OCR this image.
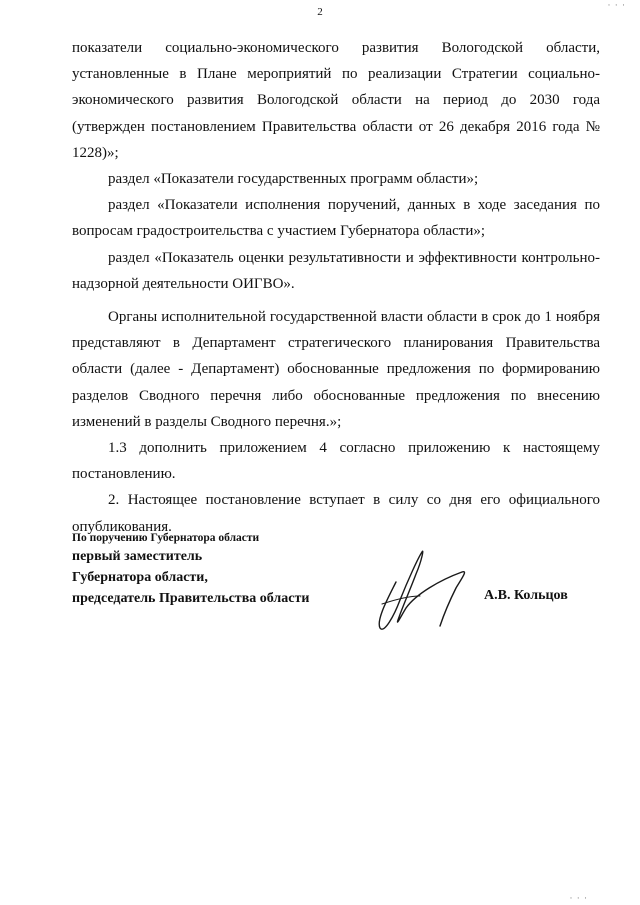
2
· · ·

показатели социально-экономического развития Вологодской области, установленные в Плане мероприятий по реализации Стратегии социально-экономического развития Вологодской области на период до 2030 года (утвержден постановлением Правительства области от 26 декабря 2016 года № 1228)»;

раздел «Показатели государственных программ области»;

раздел «Показатели исполнения поручений, данных в ходе заседания по вопросам градостроительства с участием Губернатора области»;

раздел «Показатель оценки результативности и эффективности контрольно-надзорной деятельности ОИГВО».

Органы исполнительной государственной власти области в срок до 1 ноября представляют в Департамент стратегического планирования Правительства области (далее - Департамент) обоснованные предложения по формированию разделов Сводного перечня либо обоснованные предложения по внесению изменений в разделы Сводного перечня.»;

1.3 дополнить приложением 4 согласно приложению к настоящему постановлению.

2. Настоящее постановление вступает в силу со дня его официального опубликования.

По поручению Губернатора области
первый заместитель
Губернатора области,
председатель Правительства области	А.В. Кольцов
· · ·
